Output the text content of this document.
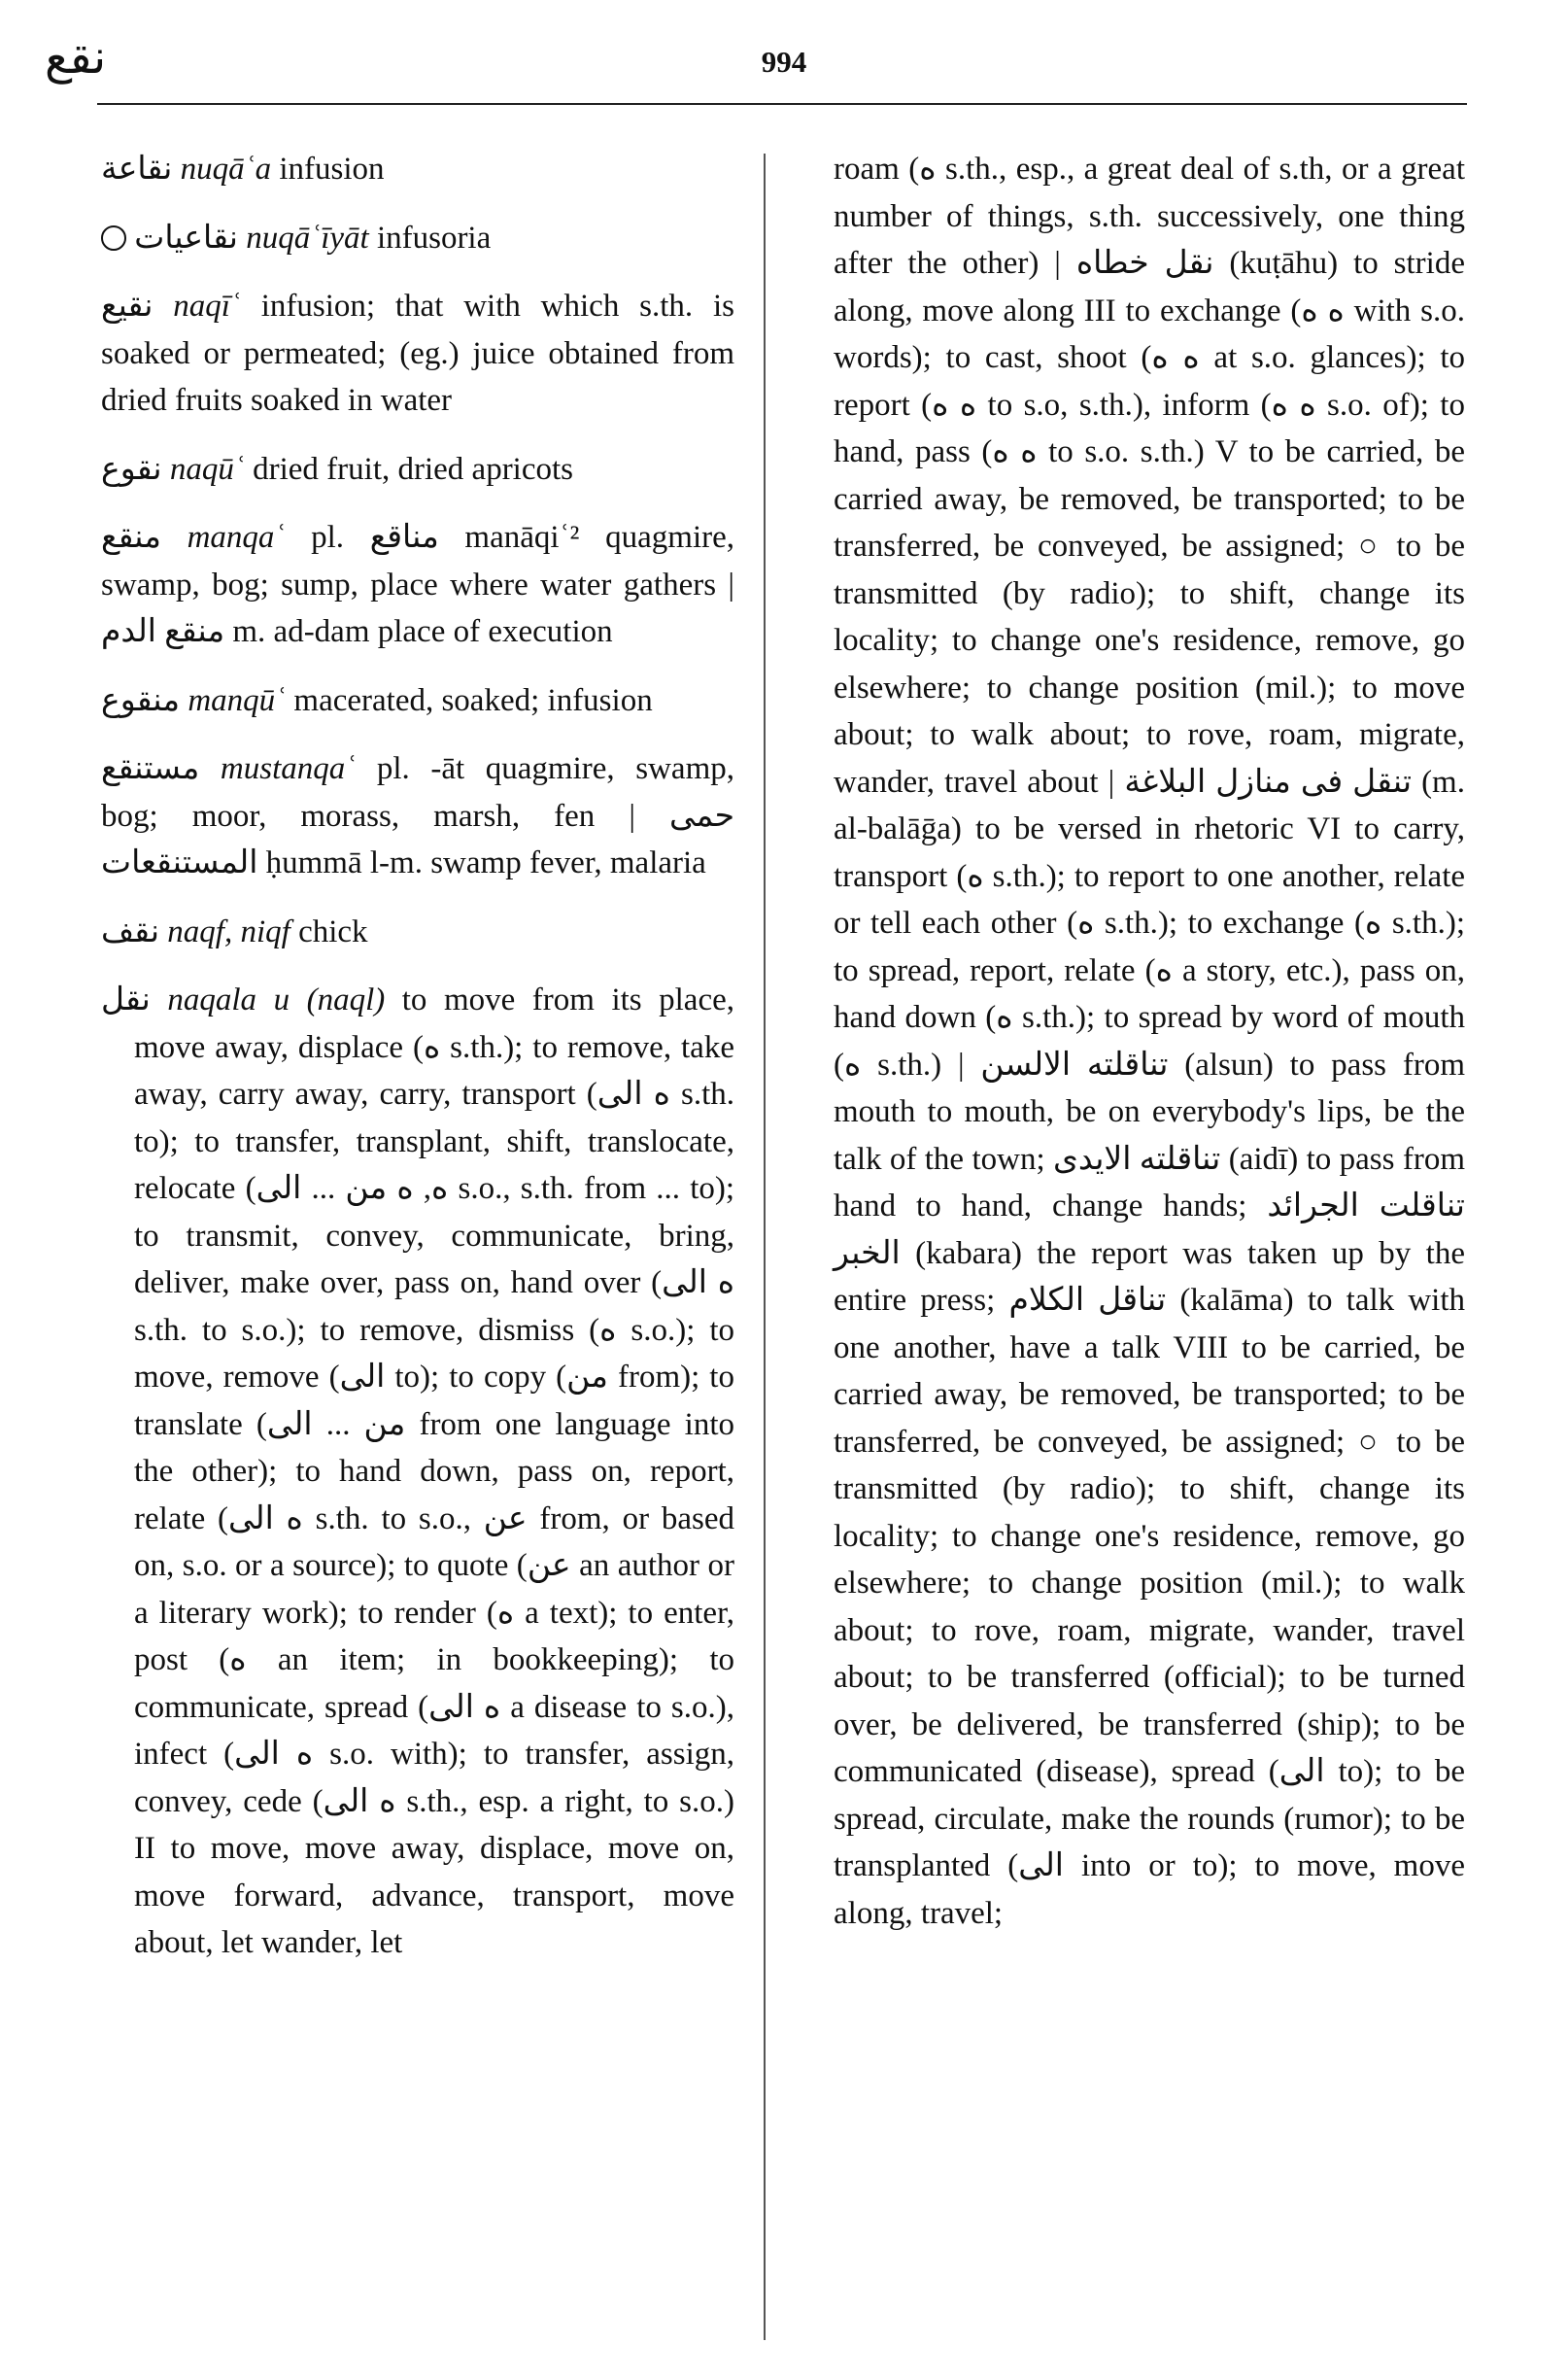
نقع	994
نقاعة nuqāʿa infusion
نقاعيات nuqāʿīyāt infusoria
نقيع naqīʿ infusion; that with which s.th. is soaked or permeated; (eg.) juice obtained from dried fruits soaked in water
نقوع naqūʿ dried fruit, dried apricots
منقع manqaʿ pl. مناقع manāqiʿ² quagmire, swamp, bog; sump, place where water gathers | منقع الدم m. ad-dam place of execution
منقوع manqūʿ macerated, soaked; infusion
مستنقع mustanqaʿ pl. -āt quagmire, swamp, bog; moor, morass, marsh, fen | حمى المستنقعات ḥummā l-m. swamp fever, malaria
نقف naqf, niqf chick
نقل naqala u (naql) to move from its place, move away, displace (ه s.th.); to remove, take away, carry away, carry, transport (ه الى s.th. to); to transfer, transplant, shift, translocate, relocate (ه, ه من ... الى s.o., s.th. from ... to); to transmit, convey, communicate, bring, deliver, make over, pass on, hand over (ه الى s.th. to s.o.); to remove, dismiss (ه s.o.); to move, remove (الى to); to copy (من from); to translate (من ... الى from one language into the other); to hand down, pass on, report, relate (ه الى s.th. to s.o., عن from, or based on, s.o. or a source); to quote (عن an author or a literary work); to render (ه a text); to enter, post (ه an item; in bookkeeping); to communicate, spread (ه الى a disease to s.o.), infect (ه الى s.o. with); to transfer, assign, convey, cede (ه الى s.th., esp. a right, to s.o.) II to move, move away, displace, move on, move forward, advance, transport, move about, let wander, let
roam (ه s.th., esp., a great deal of s.th, or a great number of things, s.th. successively, one thing after the other) | نقل خطاه (kuṭāhu) to stride along, move along III to exchange (ه ه with s.o. words); to cast, shoot (ه ه at s.o. glances); to report (ه ه to s.o, s.th.), inform (ه ه s.o. of); to hand, pass (ه ه to s.o. s.th.) V to be carried, be carried away, be removed, be transported; to be transferred, be conveyed, be assigned; ○ to be transmitted (by radio); to shift, change its locality; to change one's residence, remove, go elsewhere; to change position (mil.); to move about; to walk about; to rove, roam, migrate, wander, travel about | تنقل فى منازل البلاغة (m. al-balāḡa) to be versed in rhetoric VI to carry, transport (ه s.th.); to report to one another, relate or tell each other (ه s.th.); to exchange (ه s.th.); to spread, report, relate (ه a story, etc.), pass on, hand down (ه s.th.); to spread by word of mouth (ه s.th.) | تناقلته الالسن (alsun) to pass from mouth to mouth, be on everybody's lips, be the talk of the town; تناقلته الايدى (aidī) to pass from hand to hand, change hands; تناقلت الجرائد الخبر (kabara) the report was taken up by the entire press; تناقل الكلام (kalāma) to talk with one another, have a talk VIII to be carried, be carried away, be removed, be transported; to be transferred, be conveyed, be assigned; ○ to be transmitted (by radio); to shift, change its locality; to change one's residence, remove, go elsewhere; to change position (mil.); to walk about; to rove, roam, migrate, wander, travel about; to be transferred (official); to be turned over, be delivered, be transferred (ship); to be communicated (disease), spread (الى to); to be spread, circulate, make the rounds (rumor); to be transplanted (الى into or to); to move, move along, travel;
